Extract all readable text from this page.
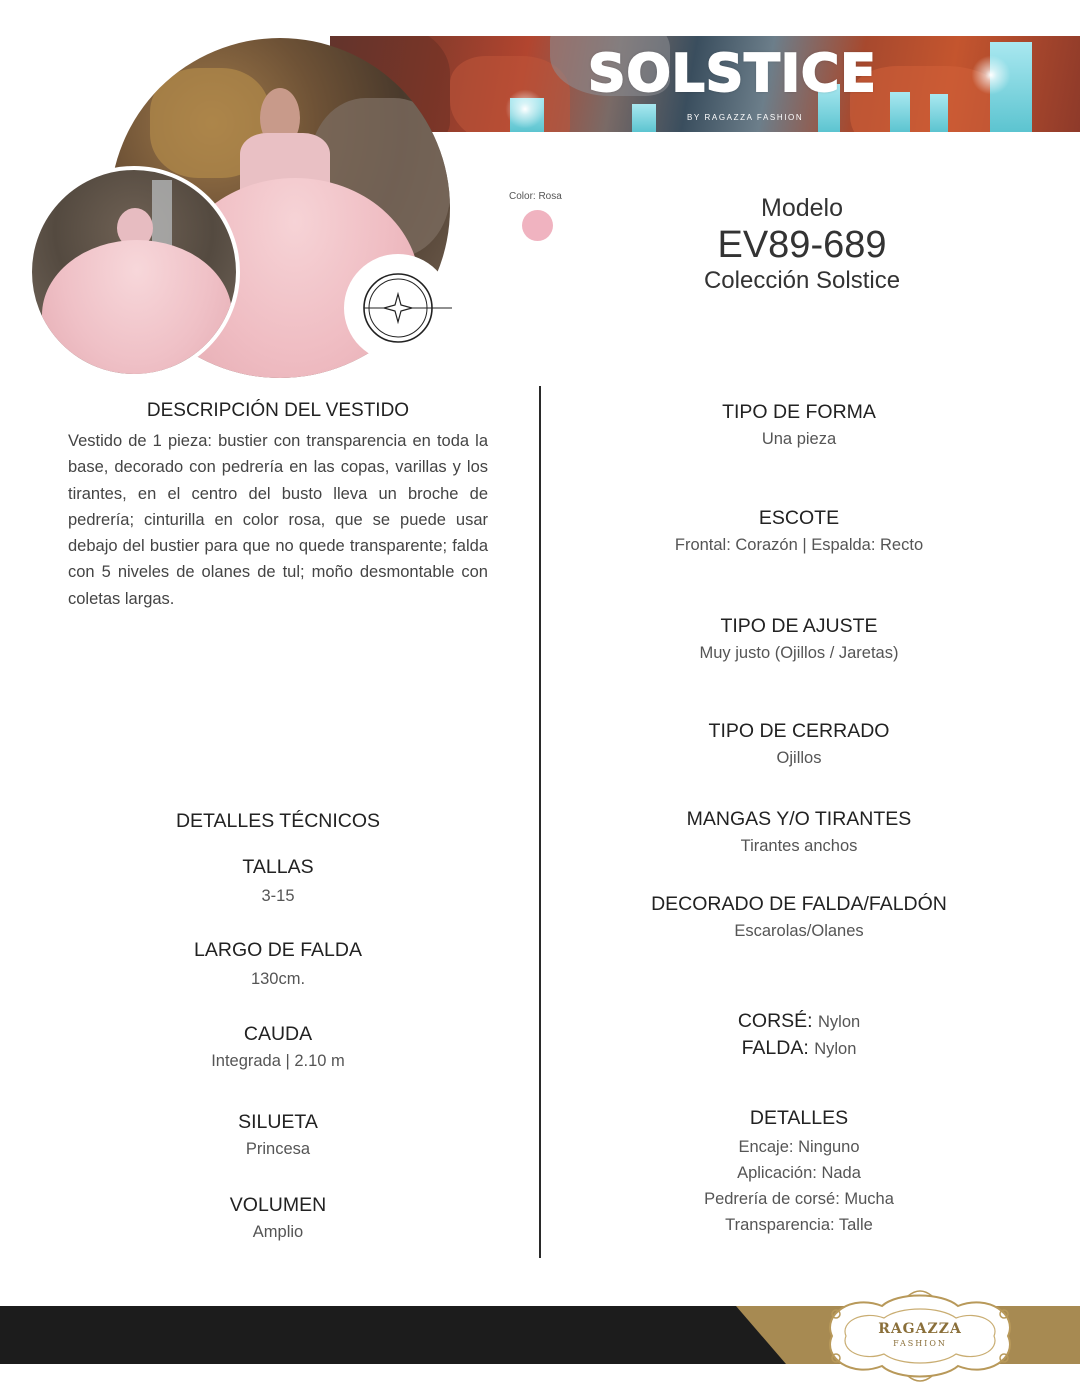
SOLSTICE
BY RAGAZZA FASHION
Color: Rosa	Modelo
EV89-689
Colección Solstice
DESCRIPCIÓN DEL VESTIDO
Vestido de 1 pieza: bustier con transparencia en toda la base, decorado con pedrería en las copas, varillas y los tirantes, en el centro del busto lleva un broche de pedrería; cinturilla en color rosa, que se puede usar debajo del bustier para que no quede transparente; falda con 5 niveles de olanes de tul; moño desmontable con coletas largas.
DETALLES TÉCNICOS
TALLAS
3-15
LARGO DE FALDA
130cm.
CAUDA
Integrada | 2.10 m
SILUETA
Princesa
VOLUMEN
Amplio
TIPO DE FORMA
Una pieza
ESCOTE
Frontal: Corazón | Espalda: Recto
TIPO DE AJUSTE
Muy justo (Ojillos / Jaretas)
TIPO DE CERRADO
Ojillos
MANGAS Y/O TIRANTES
Tirantes anchos
DECORADO DE FALDA/FALDÓN
Escarolas/Olanes
CORSÉ: Nylon
FALDA: Nylon
DETALLES
Encaje: Ninguno
Aplicación: Nada
Pedrería de corsé: Mucha
Transparencia: Talle
RAGAZZA
FASHION
